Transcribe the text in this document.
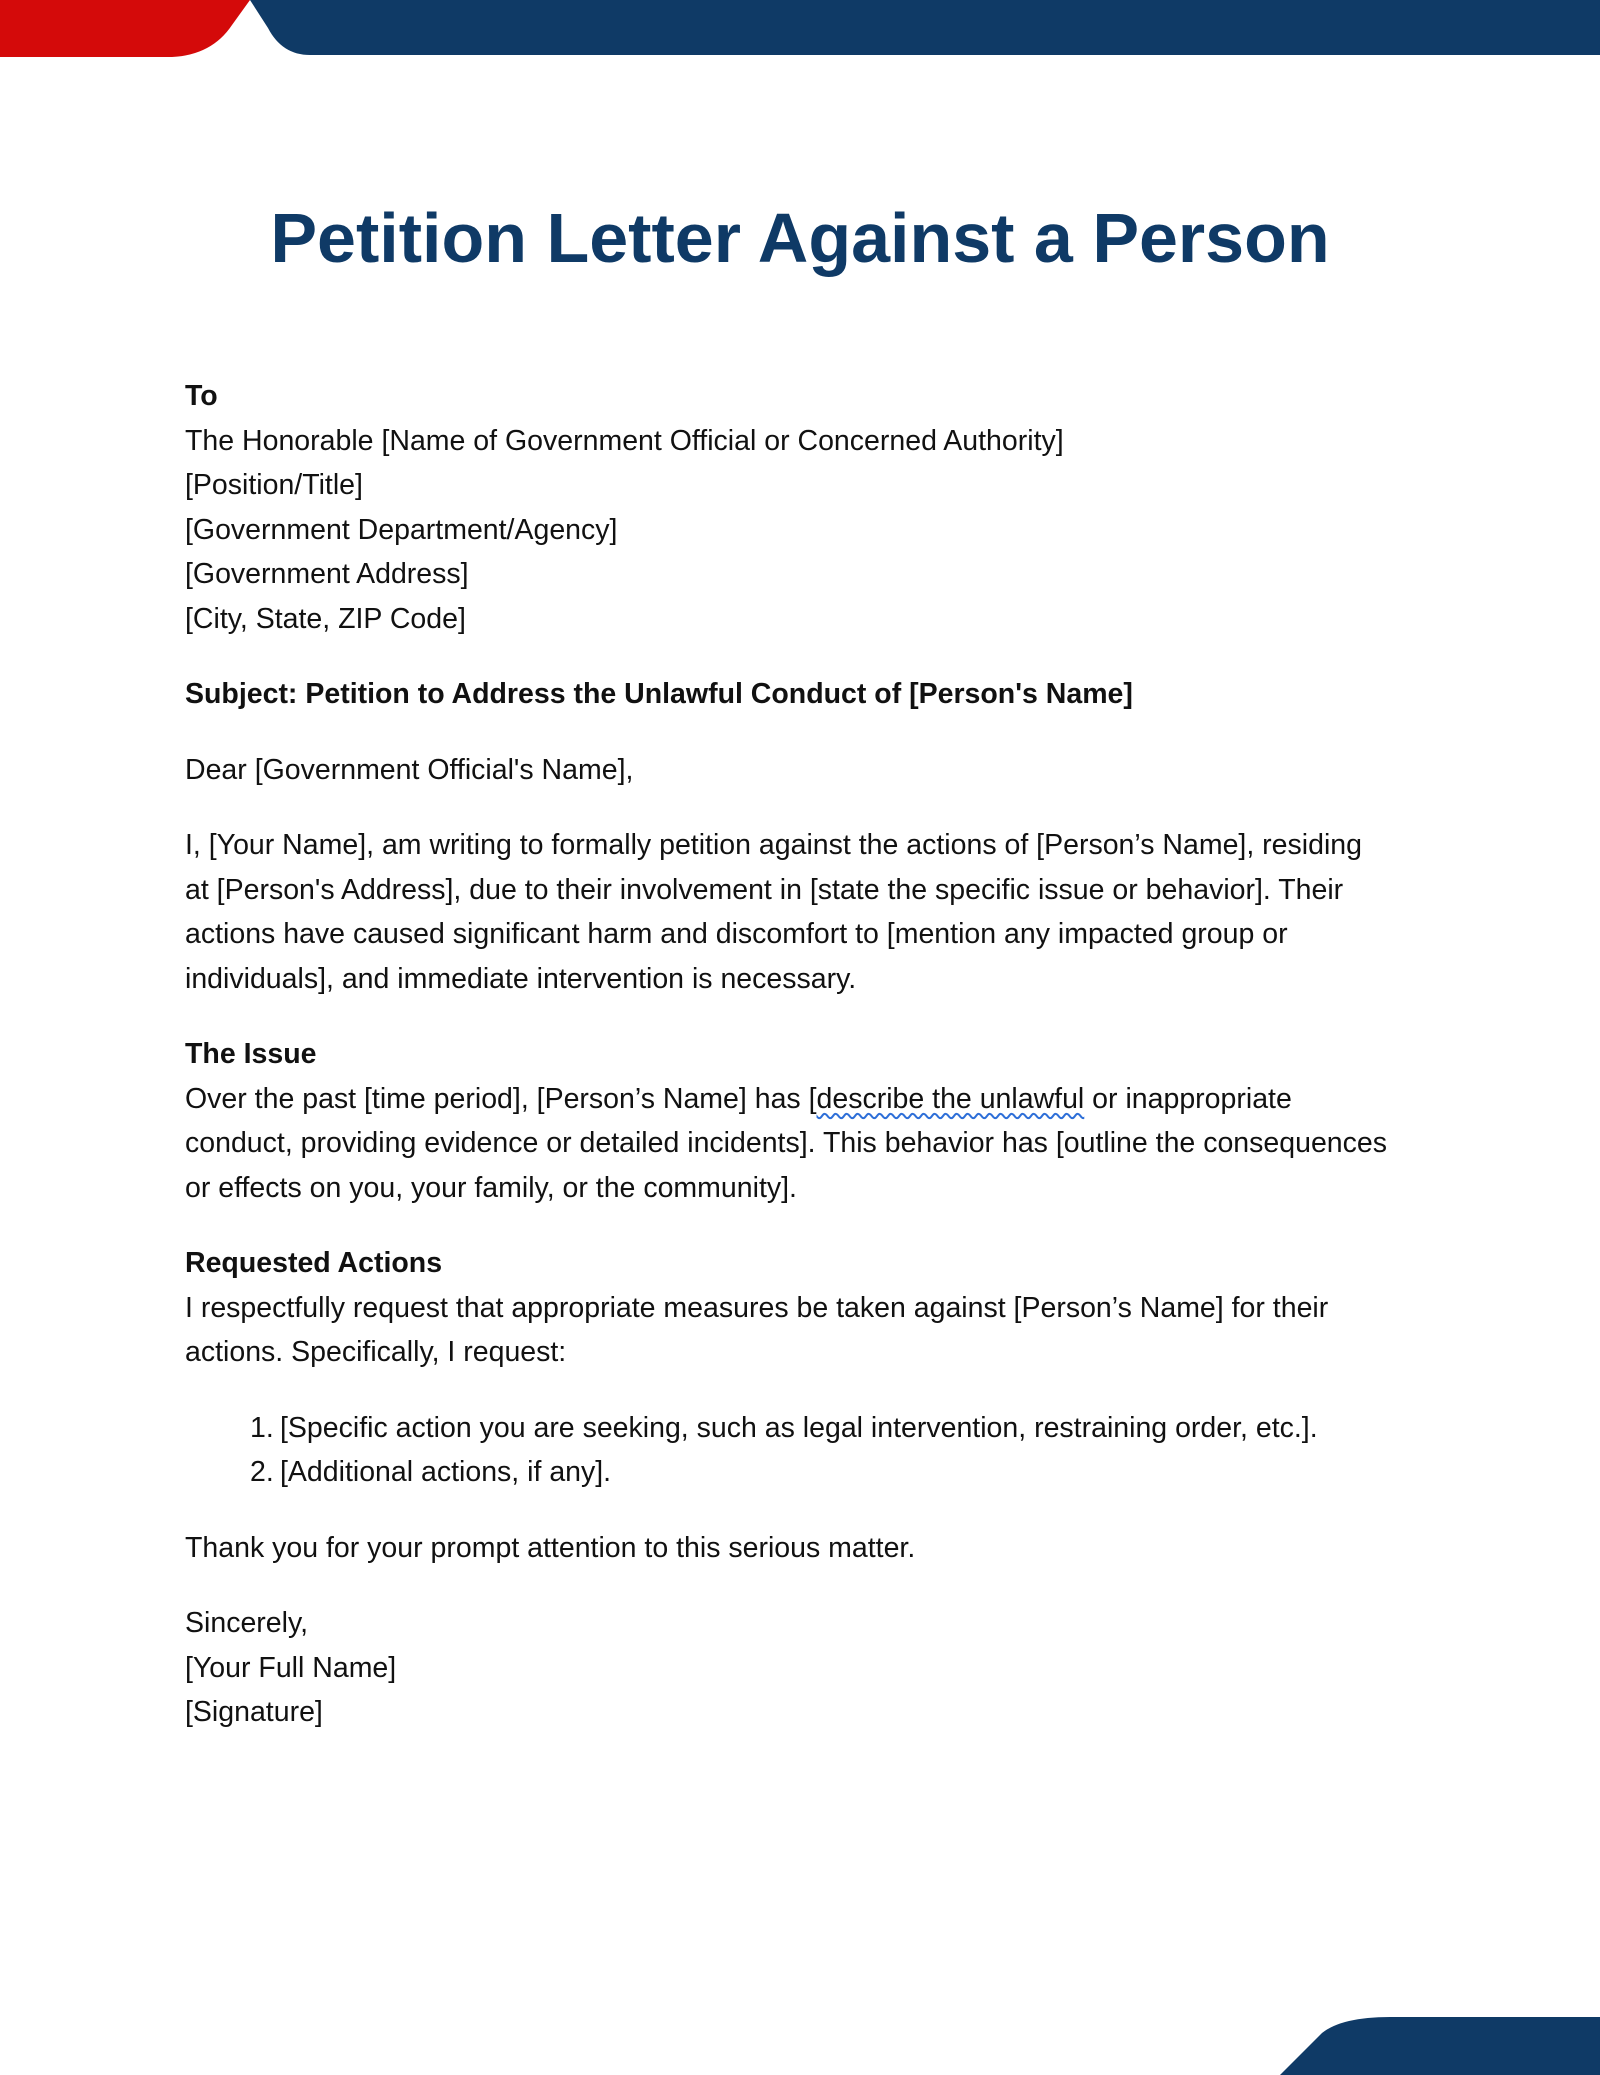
Petition Letter Against a Person
To
The Honorable [Name of Government Official or Concerned Authority]
[Position/Title]
[Government Department/Agency]
[Government Address]
[City, State, ZIP Code]
Subject: Petition to Address the Unlawful Conduct of [Person's Name]
Dear [Government Official's Name],
I, [Your Name], am writing to formally petition against the actions of [Person’s Name], residing
at [Person's Address], due to their involvement in [state the specific issue or behavior]. Their
actions have caused significant harm and discomfort to [mention any impacted group or
individuals], and immediate intervention is necessary.
The Issue
Over the past [time period], [Person’s Name] has [describe the unlawful or inappropriate
conduct, providing evidence or detailed incidents]. This behavior has [outline the consequences
or effects on you, your family, or the community].
Requested Actions
I respectfully request that appropriate measures be taken against [Person’s Name] for their
actions. Specifically, I request:
1. [Specific action you are seeking, such as legal intervention, restraining order, etc.].
2. [Additional actions, if any].
Thank you for your prompt attention to this serious matter.
Sincerely,
[Your Full Name]
[Signature]
